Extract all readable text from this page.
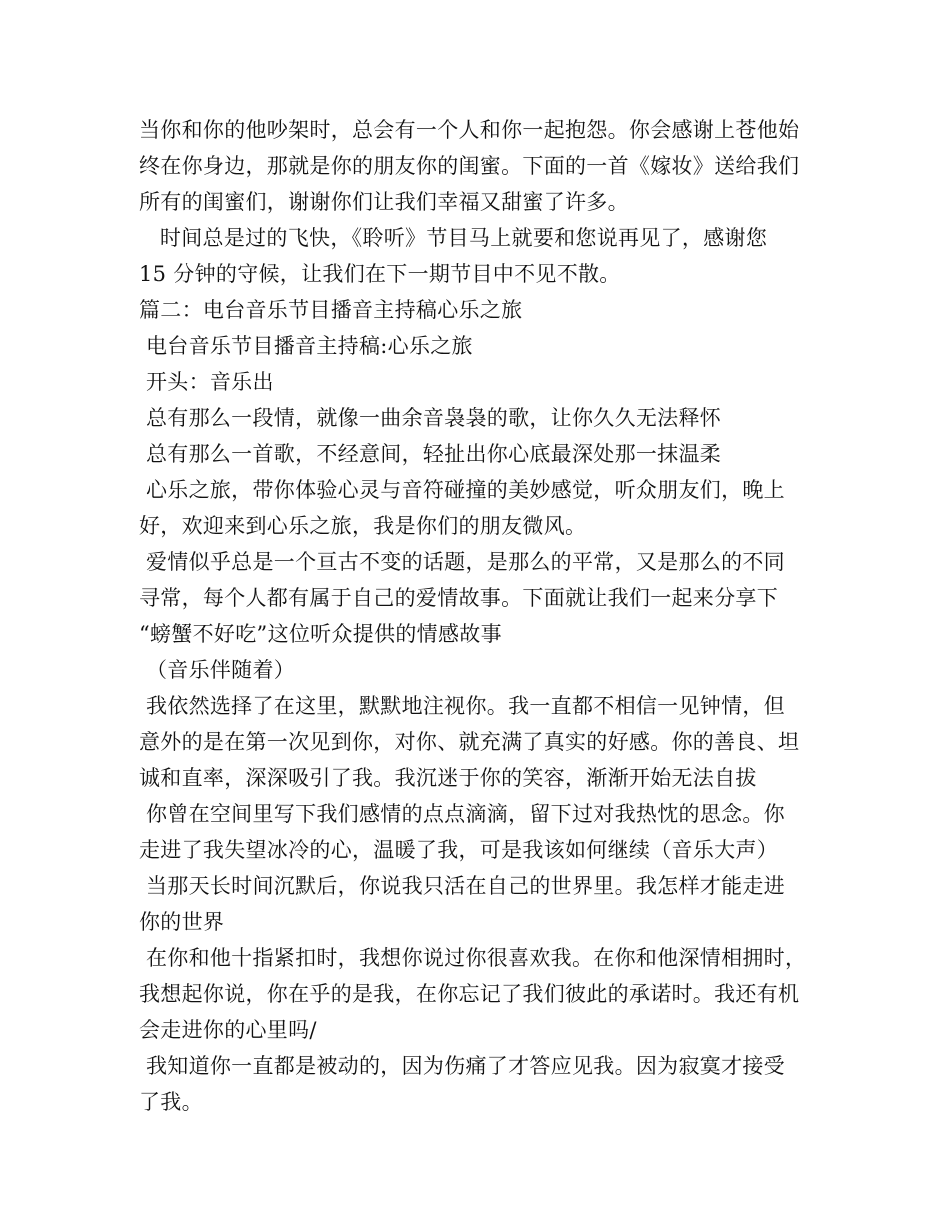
当你和你的他吵架时，总会有一个人和你一起抱怨。你会感谢上苍他始

终在你身边，那就是你的朋友你的闺蜜。下面的一首《嫁妆》送给我们

所有的闺蜜们，谢谢你们让我们幸福又甜蜜了许多。

时间总是过的飞快，《聆听》节目马上就要和您说再见了，感谢您

15 分钟的守候，让我们在下一期节目中不见不散。

篇二：电台音乐节目播音主持稿心乐之旅

电台音乐节目播音主持稿:心乐之旅

开头：音乐出

总有那么一段情，就像一曲余音袅袅的歌，让你久久无法释怀

总有那么一首歌，不经意间，轻扯出你心底最深处那一抹温柔

心乐之旅，带你体验心灵与音符碰撞的美妙感觉，听众朋友们，晚上

好，欢迎来到心乐之旅，我是你们的朋友微风。

爱情似乎总是一个亘古不变的话题，是那么的平常，又是那么的不同

寻常，每个人都有属于自己的爱情故事。下面就让我们一起来分享下

“螃蟹不好吃”这位听众提供的情感故事

（音乐伴随着）

我依然选择了在这里，默默地注视你。我一直都不相信一见钟情，但

意外的是在第一次见到你，对你、就充满了真实的好感。你的善良、坦

诚和直率，深深吸引了我。我沉迷于你的笑容，渐渐开始无法自拔

你曾在空间里写下我们感情的点点滴滴，留下过对我热忱的思念。你

走进了我失望冰冷的心，温暖了我，可是我该如何继续（音乐大声）

当那天长时间沉默后，你说我只活在自己的世界里。我怎样才能走进

你的世界

在你和他十指紧扣时，我想你说过你很喜欢我。在你和他深情相拥时，

我想起你说，你在乎的是我，在你忘记了我们彼此的承诺时。我还有机

会走进你的心里吗/

我知道你一直都是被动的，因为伤痛了才答应见我。因为寂寞才接受

了我。
